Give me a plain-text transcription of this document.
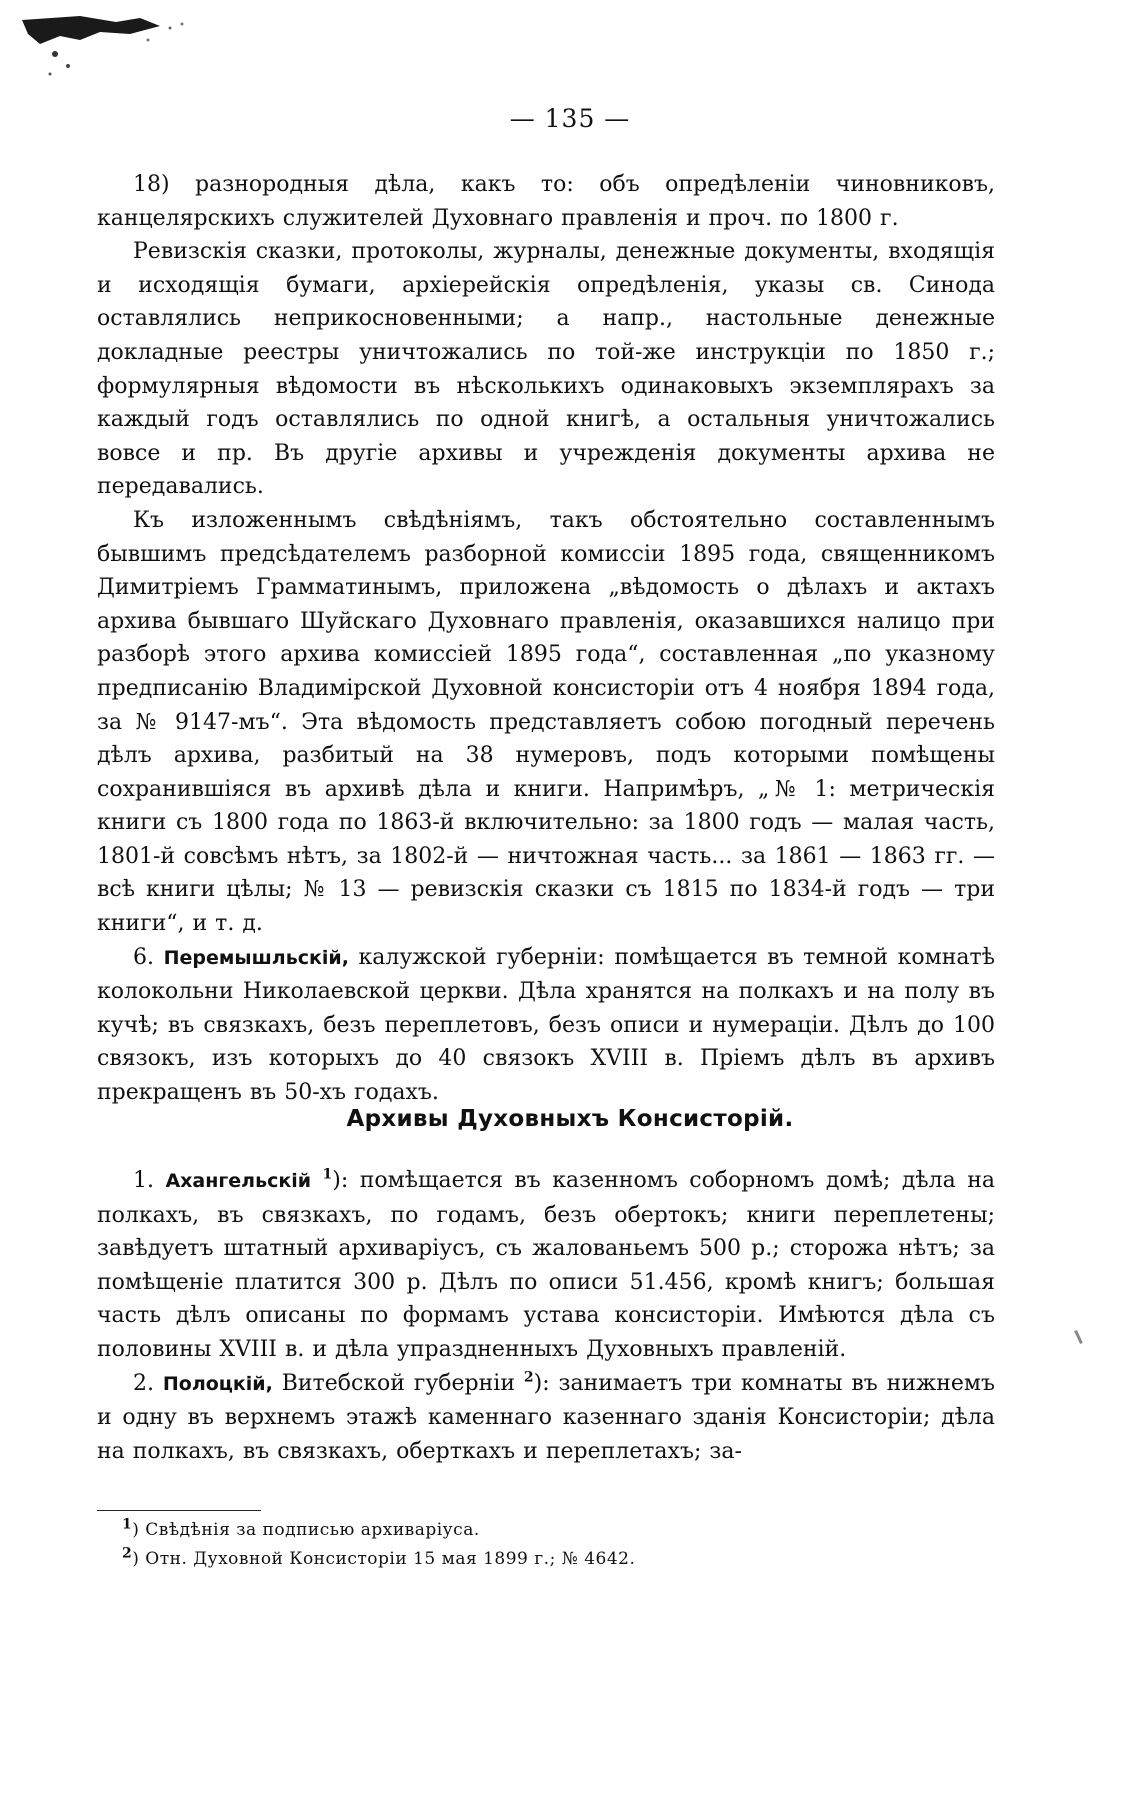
— 135 —

18) разнородныя дѣла, какъ то: объ опредѣленіи чиновниковъ, канцелярскихъ служителей Духовнаго правленія и проч. по 1800 г.

Ревизскія сказки, протоколы, журналы, денежные документы, входящія и исходящія бумаги, архіерейскія опредѣленія, указы св. Синода оставлялись неприкосновенными; а напр., настольные денежные докладные реестры уничтожались по той-же инструкціи по 1850 г.; формулярныя вѣдомости въ нѣсколькихъ одинаковыхъ экземплярахъ за каждый годъ оставлялись по одной книгѣ, а остальныя уничтожались вовсе и пр. Въ другіе архивы и учрежденія документы архива не передавались.

Къ изложеннымъ свѣдѣніямъ, такъ обстоятельно составленнымъ бывшимъ предсѣдателемъ разборной комиссіи 1895 года, священникомъ Димитріемъ Грамматинымъ, приложена „вѣдомость о дѣлахъ и актахъ архива бывшаго Шуйскаго Духовнаго правленія, оказавшихся налицо при разборѣ этого архива комиссіей 1895 года“, составленная „по указному предписанію Владимірской Духовной консисторіи отъ 4 ноября 1894 года, за № 9147-мъ“. Эта вѣдомость представляетъ собою погодный перечень дѣлъ архива, разбитый на 38 нумеровъ, подъ которыми помѣщены сохранившіяся въ архивѣ дѣла и книги. Напримѣръ, „№ 1: метрическія книги съ 1800 года по 1863-й включительно: за 1800 годъ — малая часть, 1801-й совсѣмъ нѣтъ, за 1802-й — ничтожная часть... за 1861 — 1863 гг. — всѣ книги цѣлы; № 13 — ревизскія сказки съ 1815 по 1834-й годъ — три книги“, и т. д.

6. Перемышльскій, калужской губерніи: помѣщается въ темной комнатѣ колокольни Николаевской церкви. Дѣла хранятся на полкахъ и на полу въ кучѣ; въ связкахъ, безъ переплетовъ, безъ описи и нумераціи. Дѣлъ до 100 связокъ, изъ которыхъ до 40 связокъ XVIII в. Пріемъ дѣлъ въ архивъ прекращенъ въ 50-хъ годахъ.

Архивы Духовныхъ Консисторій.

1. Ахангельскій $^1$): помѣщается въ казенномъ соборномъ домѣ; дѣла на полкахъ, въ связкахъ, по годамъ, безъ обертокъ; книги переплетены; завѣдуетъ штатный архиваріусъ, съ жалованьемъ 500 р.; сторожа нѣтъ; за помѣщеніе платится 300 р. Дѣлъ по описи 51.456, кромѣ книгъ; большая часть дѣлъ описаны по формамъ устава консисторіи. Имѣются дѣла съ половины XVIII в. и дѣла упраздненныхъ Духовныхъ правленій.

2. Полоцкій, Витебской губерніи $^2$): занимаетъ три комнаты въ нижнемъ и одну въ верхнемъ этажѣ каменнаго казеннаго зданія Консисторіи; дѣла на полкахъ, въ связкахъ, оберткахъ и переплетахъ; за-

$^1$) Свѣдѣнія за подписью архиваріуса.
$^2$) Отн. Духовной Консисторіи 15 мая 1899 г.; № 4642.
